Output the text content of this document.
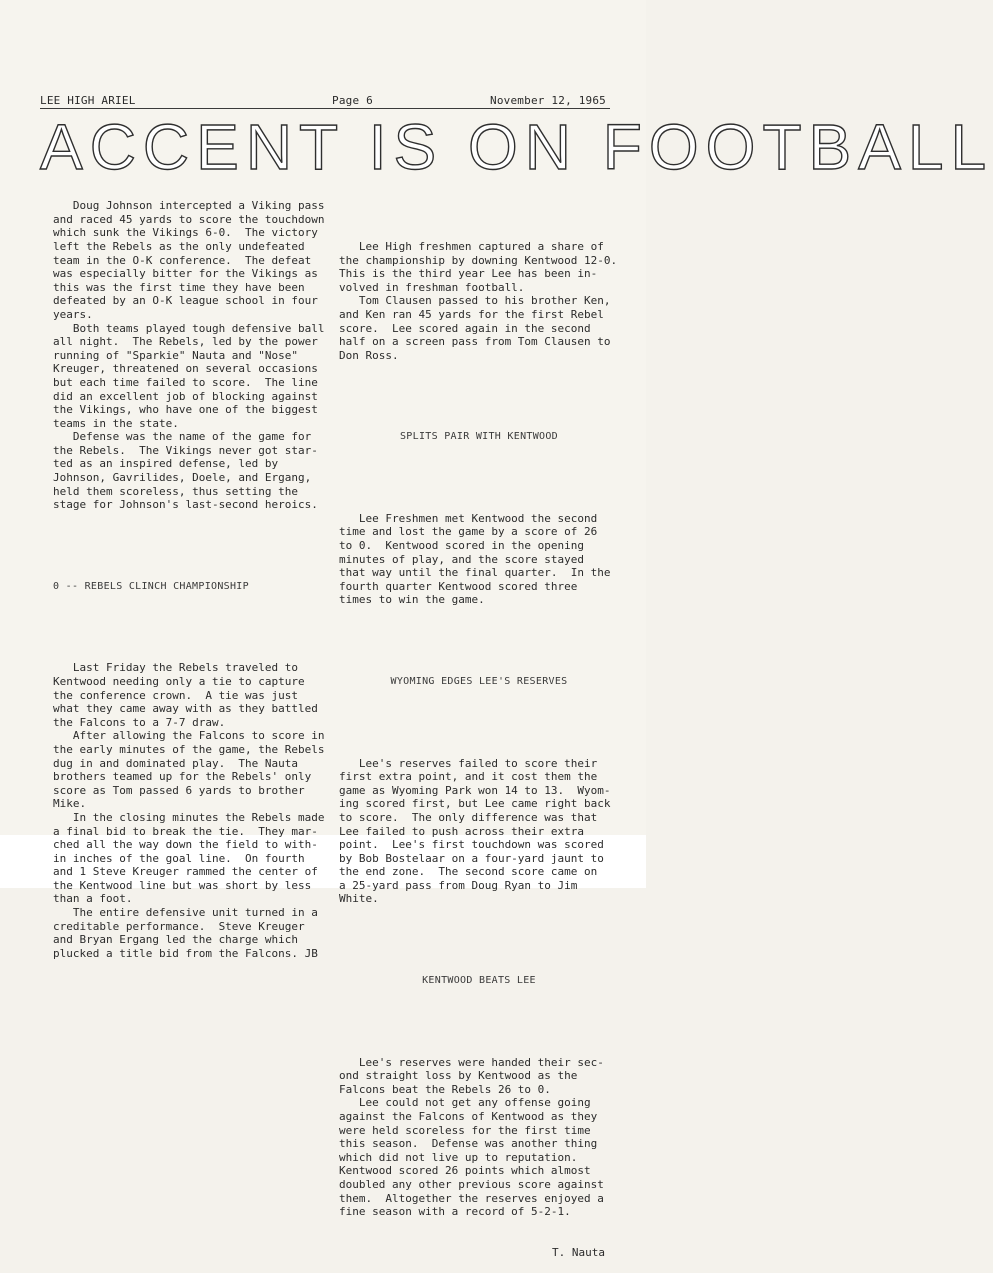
LEE HIGH ARIEL	Page 6	November 12, 1965
ACCENT IS ON FOOTBALL

Doug Johnson intercepted a Viking pass
and raced 45 yards to score the touchdown
which sunk the Vikings 6-0.  The victory
left the Rebels as the only undefeated
team in the O-K conference.  The defeat
was especially bitter for the Vikings as
this was the first time they have been
defeated by an O-K league school in four
years.
Both teams played tough defensive ball
all night.  The Rebels, led by the power
running of "Sparkie" Nauta and "Nose"
Kreuger, threatened on several occasions
but each time failed to score.  The line
did an excellent job of blocking against
the Vikings, who have one of the biggest
teams in the state.
Defense was the name of the game for
the Rebels.  The Vikings never got star-
ted as an inspired defense, led by
Johnson, Gavrilides, Doele, and Ergang,
held them scoreless, thus setting the
stage for Johnson's last-second heroics.

0 -- REBELS CLINCH CHAMPIONSHIP

Last Friday the Rebels traveled to
Kentwood needing only a tie to capture
the conference crown.  A tie was just
what they came away with as they battled
the Falcons to a 7-7 draw.
After allowing the Falcons to score in
the early minutes of the game, the Rebels
dug in and dominated play.  The Nauta
brothers teamed up for the Rebels' only
score as Tom passed 6 yards to brother
Mike.
In the closing minutes the Rebels made
a final bid to break the tie.  They mar-
ched all the way down the field to with-
in inches of the goal line.  On fourth
and 1 Steve Kreuger rammed the center of
the Kentwood line but was short by less
than a foot.
The entire defensive unit turned in a
creditable performance.  Steve Kreuger
and Bryan Ergang led the charge which
plucked a title bid from the Falcons. JB

Lee High freshmen captured a share of
the championship by downing Kentwood 12-0.
This is the third year Lee has been in-
volved in freshman football.
Tom Clausen passed to his brother Ken,
and Ken ran 45 yards for the first Rebel
score.  Lee scored again in the second
half on a screen pass from Tom Clausen to
Don Ross.

SPLITS PAIR WITH KENTWOOD

Lee Freshmen met Kentwood the second
time and lost the game by a score of 26
to 0.  Kentwood scored in the opening
minutes of play, and the score stayed
that way until the final quarter.  In the
fourth quarter Kentwood scored three
times to win the game.

WYOMING EDGES LEE'S RESERVES

Lee's reserves failed to score their
first extra point, and it cost them the
game as Wyoming Park won 14 to 13.  Wyom-
ing scored first, but Lee came right back
to score.  The only difference was that
Lee failed to push across their extra
point.  Lee's first touchdown was scored
by Bob Bostelaar on a four-yard jaunt to
the end zone.  The second score came on
a 25-yard pass from Doug Ryan to Jim
White.

KENTWOOD BEATS LEE

Lee's reserves were handed their sec-
ond straight loss by Kentwood as the
Falcons beat the Rebels 26 to 0.
Lee could not get any offense going
against the Falcons of Kentwood as they
were held scoreless for the first time
this season.  Defense was another thing
which did not live up to reputation.
Kentwood scored 26 points which almost
doubled any other previous score against
them.  Altogether the reserves enjoyed a
fine season with a record of 5-2-1.

T. Nauta
